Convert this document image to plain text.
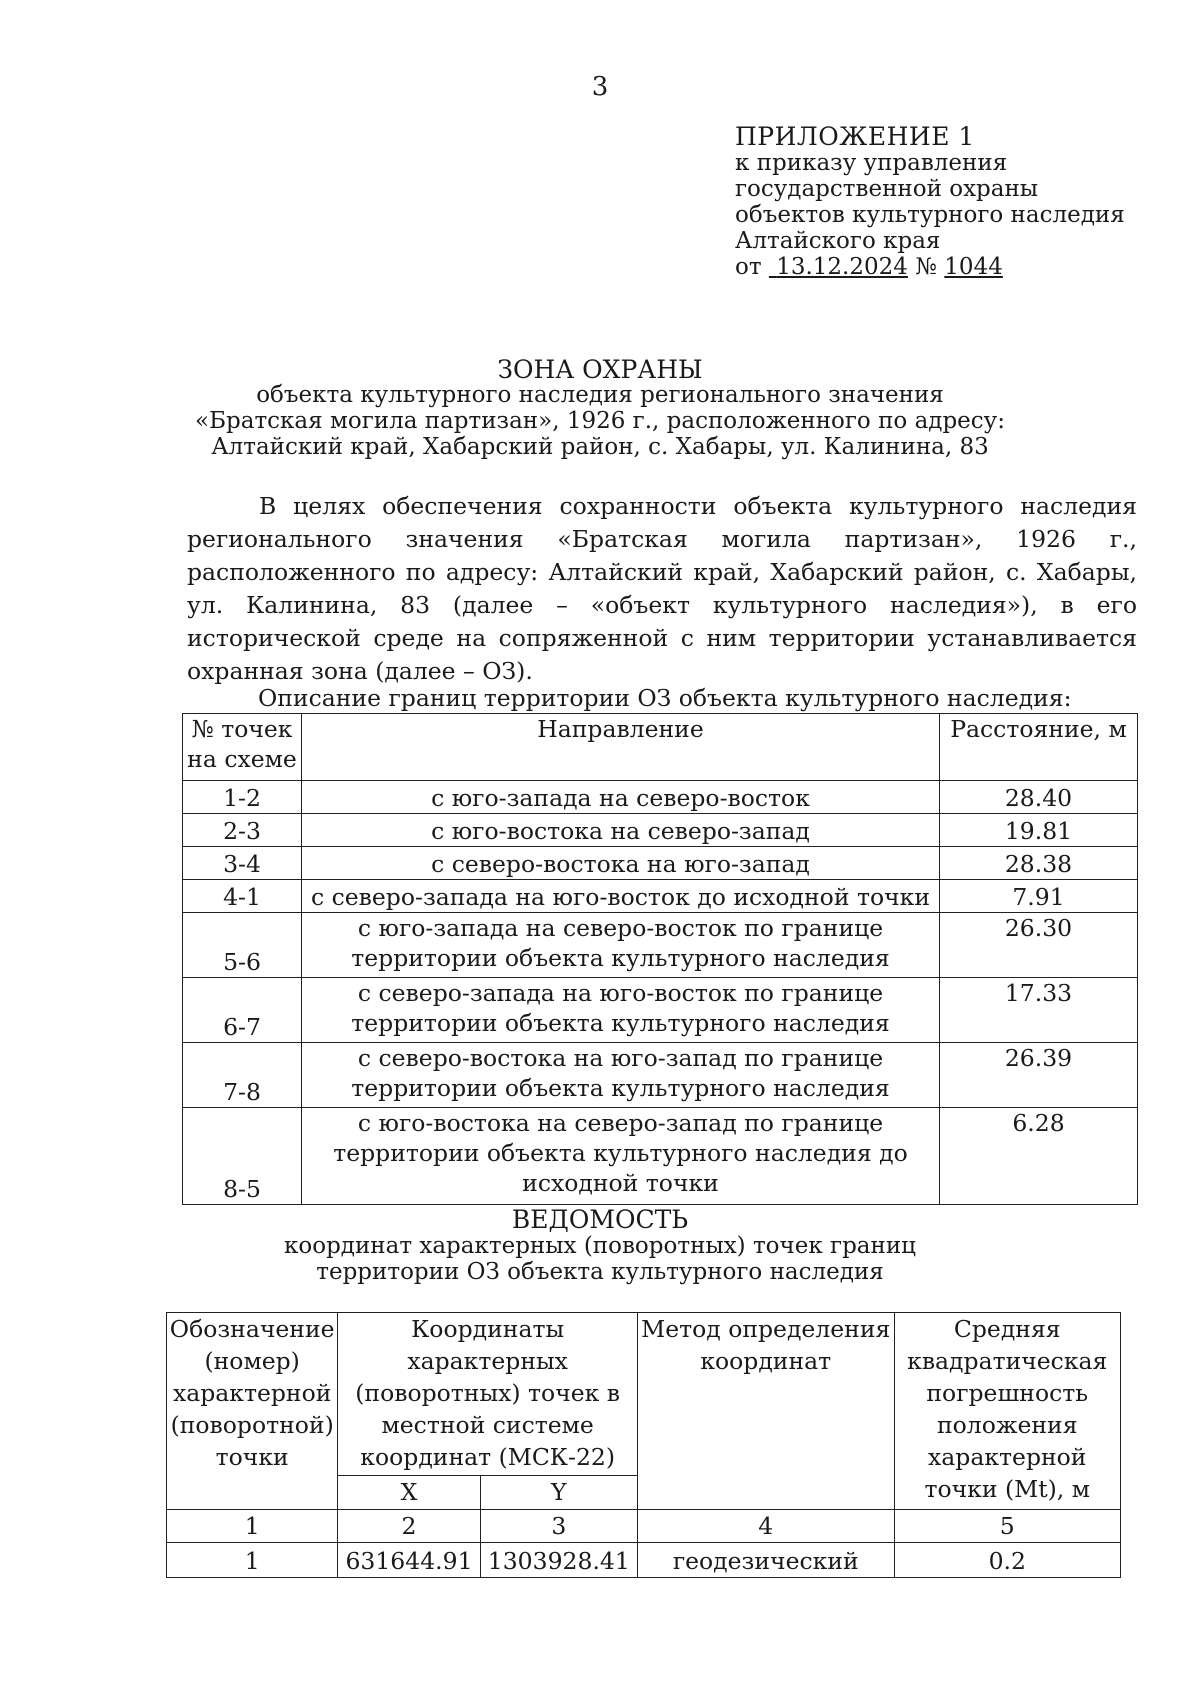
3
ПРИЛОЖЕНИЕ 1
к приказу управления
государственной охраны
объектов культурного наследия
Алтайского края
от 13.12.2024 № 1044
ЗОНА ОХРАНЫ
объекта культурного наследия регионального значения
«Братская могила партизан», 1926 г., расположенного по адресу:
Алтайский край, Хабарский район, с. Хабары, ул. Калинина, 83

В целях обеспечения сохранности объекта культурного наследия регионального значения «Братская могила партизан», 1926 г., расположенного по адресу: Алтайский край, Хабарский район, с. Хабары, ул. Калинина, 83 (далее – «объект культурного наследия»), в его исторической среде на сопряженной с ним территории устанавливается охранная зона (далее – ОЗ).

Описание границ территории ОЗ объекта культурного наследия:
№ точек на схеме	Направление	Расстояние, м
1-2	с юго-запада на северо-восток	28.40
2-3	с юго-востока на северо-запад	19.81
3-4	с северо-востока на юго-запад	28.38
4-1	с северо-запада на юго-восток до исходной точки	7.91
5-6	с юго-запада на северо-восток по границе территории объекта культурного наследия	26.30
6-7	с северо-запада на юго-восток по границе территории объекта культурного наследия	17.33
7-8	с северо-востока на юго-запад по границе территории объекта культурного наследия	26.39
8-5	с юго-востока на северо-запад по границе территории объекта культурного наследия до исходной точки	6.28
ВЕДОМОСТЬ
координат характерных (поворотных) точек границ
территории ОЗ объекта культурного наследия
Обозначение (номер) характерной (поворотной) точки	Координаты характерных (поворотных) точек в местной системе координат (МСК-22)		Метод определения координат	Средняя квадратическая погрешность положения характерной точки (Mt), м
	X	Y		
1	2	3	4	5
1	631644.91	1303928.41	геодезический	0.2
